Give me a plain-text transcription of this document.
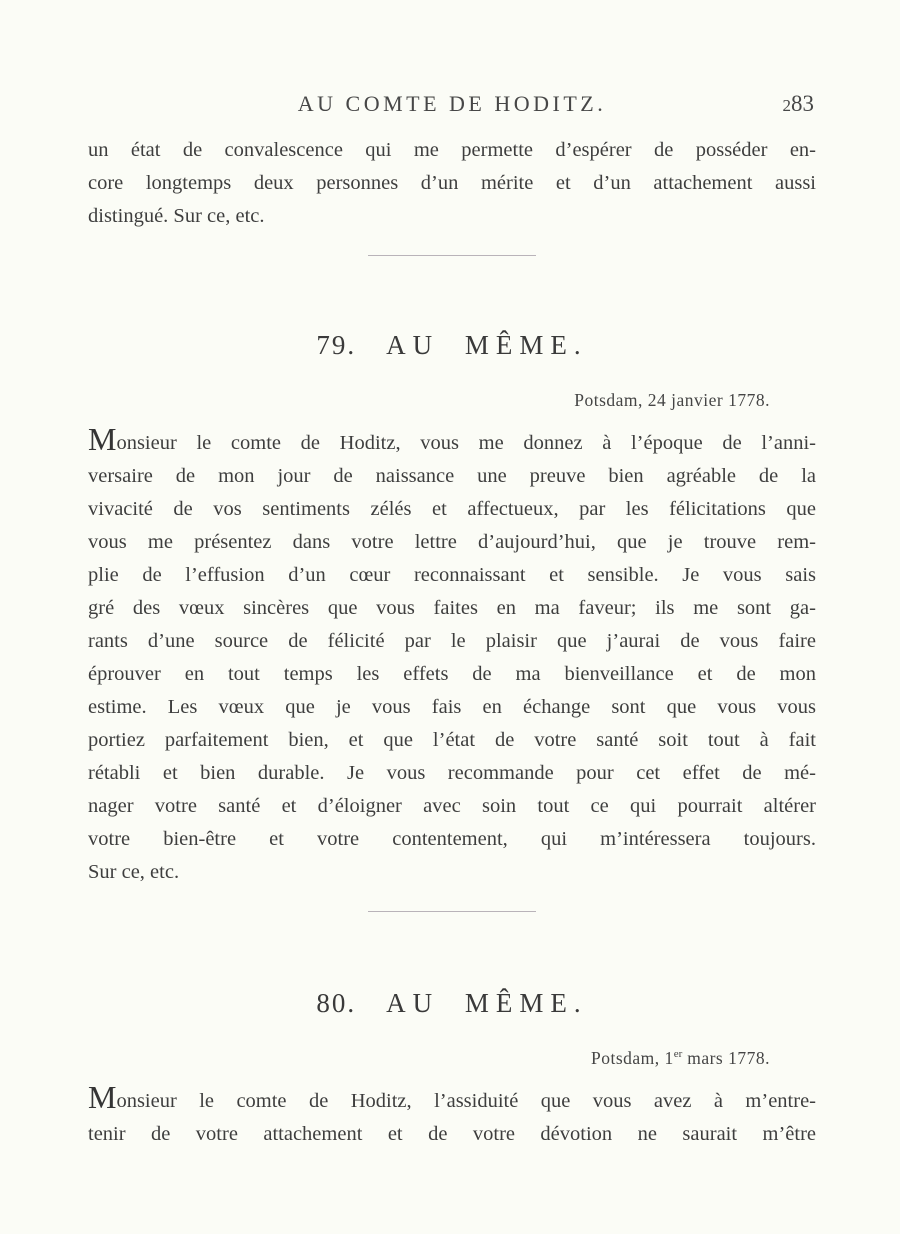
AU COMTE DE HODITZ.	283
un état de convalescence qui me permette d’espérer de posséder en-
core longtemps deux personnes d’un mérite et d’un attachement aussi
distingué. Sur ce, etc.
79. AU MÊME.
Potsdam, 24 janvier 1778.
Monsieur le comte de Hoditz, vous me donnez à l’époque de l’anni-
versaire de mon jour de naissance une preuve bien agréable de la
vivacité de vos sentiments zélés et affectueux, par les félicitations que
vous me présentez dans votre lettre d’aujourd’hui, que je trouve rem-
plie de l’effusion d’un cœur reconnaissant et sensible. Je vous sais
gré des vœux sincères que vous faites en ma faveur; ils me sont ga-
rants d’une source de félicité par le plaisir que j’aurai de vous faire
éprouver en tout temps les effets de ma bienveillance et de mon
estime. Les vœux que je vous fais en échange sont que vous vous
portiez parfaitement bien, et que l’état de votre santé soit tout à fait
rétabli et bien durable. Je vous recommande pour cet effet de mé-
nager votre santé et d’éloigner avec soin tout ce qui pourrait altérer
votre bien-être et votre contentement, qui m’intéressera toujours.
Sur ce, etc.
80. AU MÊME.
Potsdam, 1er mars 1778.
Monsieur le comte de Hoditz, l’assiduité que vous avez à m’entre-
tenir de votre attachement et de votre dévotion ne saurait m’être
